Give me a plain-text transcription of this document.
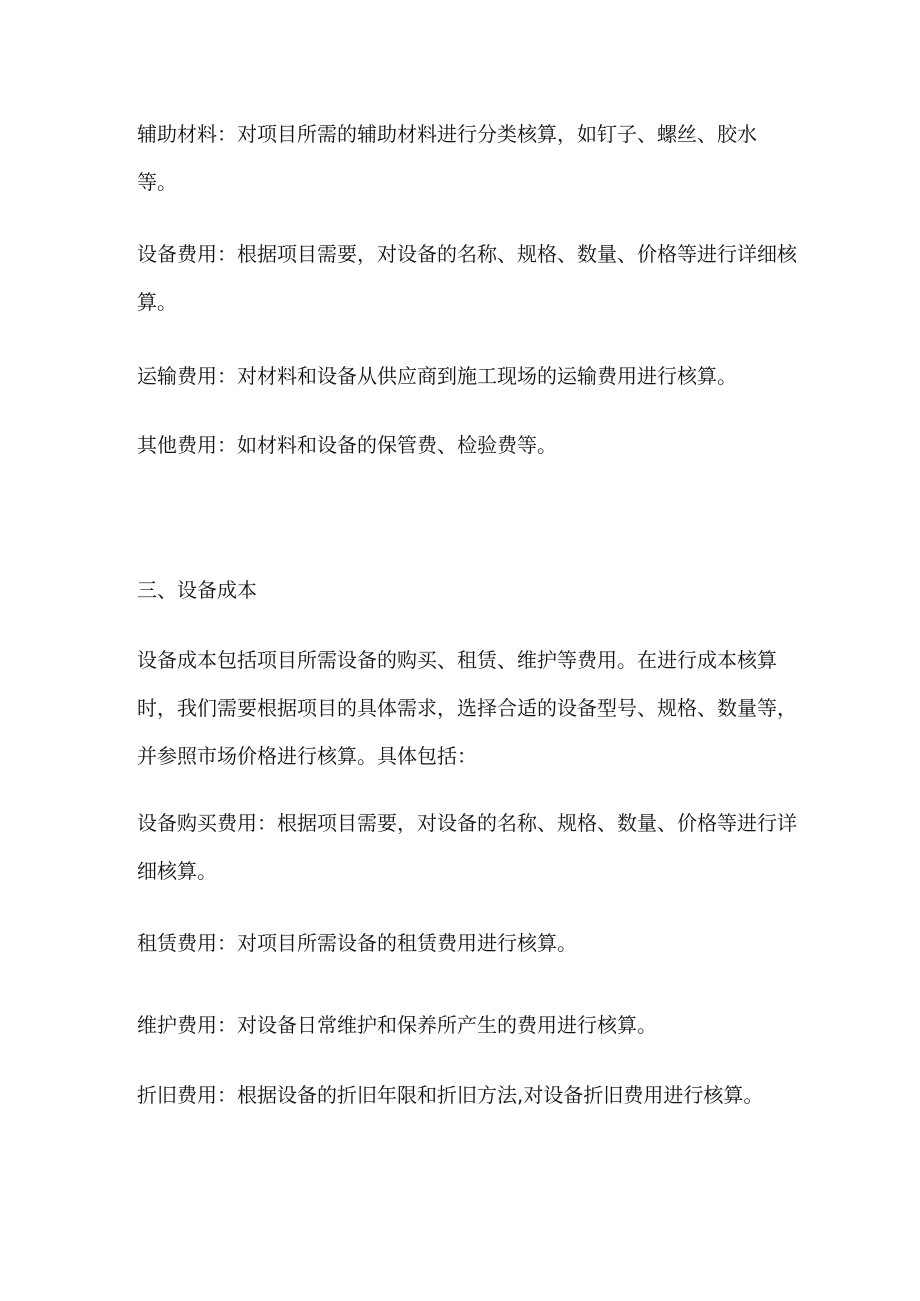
辅助材料：对项目所需的辅助材料进行分类核算，如钉子、螺丝、胶水等。

设备费用：根据项目需要，对设备的名称、规格、数量、价格等进行详细核算。

运输费用：对材料和设备从供应商到施工现场的运输费用进行核算。

其他费用：如材料和设备的保管费、检验费等。

三、设备成本

设备成本包括项目所需设备的购买、租赁、维护等费用。在进行成本核算时，我们需要根据项目的具体需求，选择合适的设备型号、规格、数量等，并参照市场价格进行核算。具体包括：

设备购买费用：根据项目需要，对设备的名称、规格、数量、价格等进行详细核算。

租赁费用：对项目所需设备的租赁费用进行核算。

维护费用：对设备日常维护和保养所产生的费用进行核算。

折旧费用：根据设备的折旧年限和折旧方法,对设备折旧费用进行核算。
